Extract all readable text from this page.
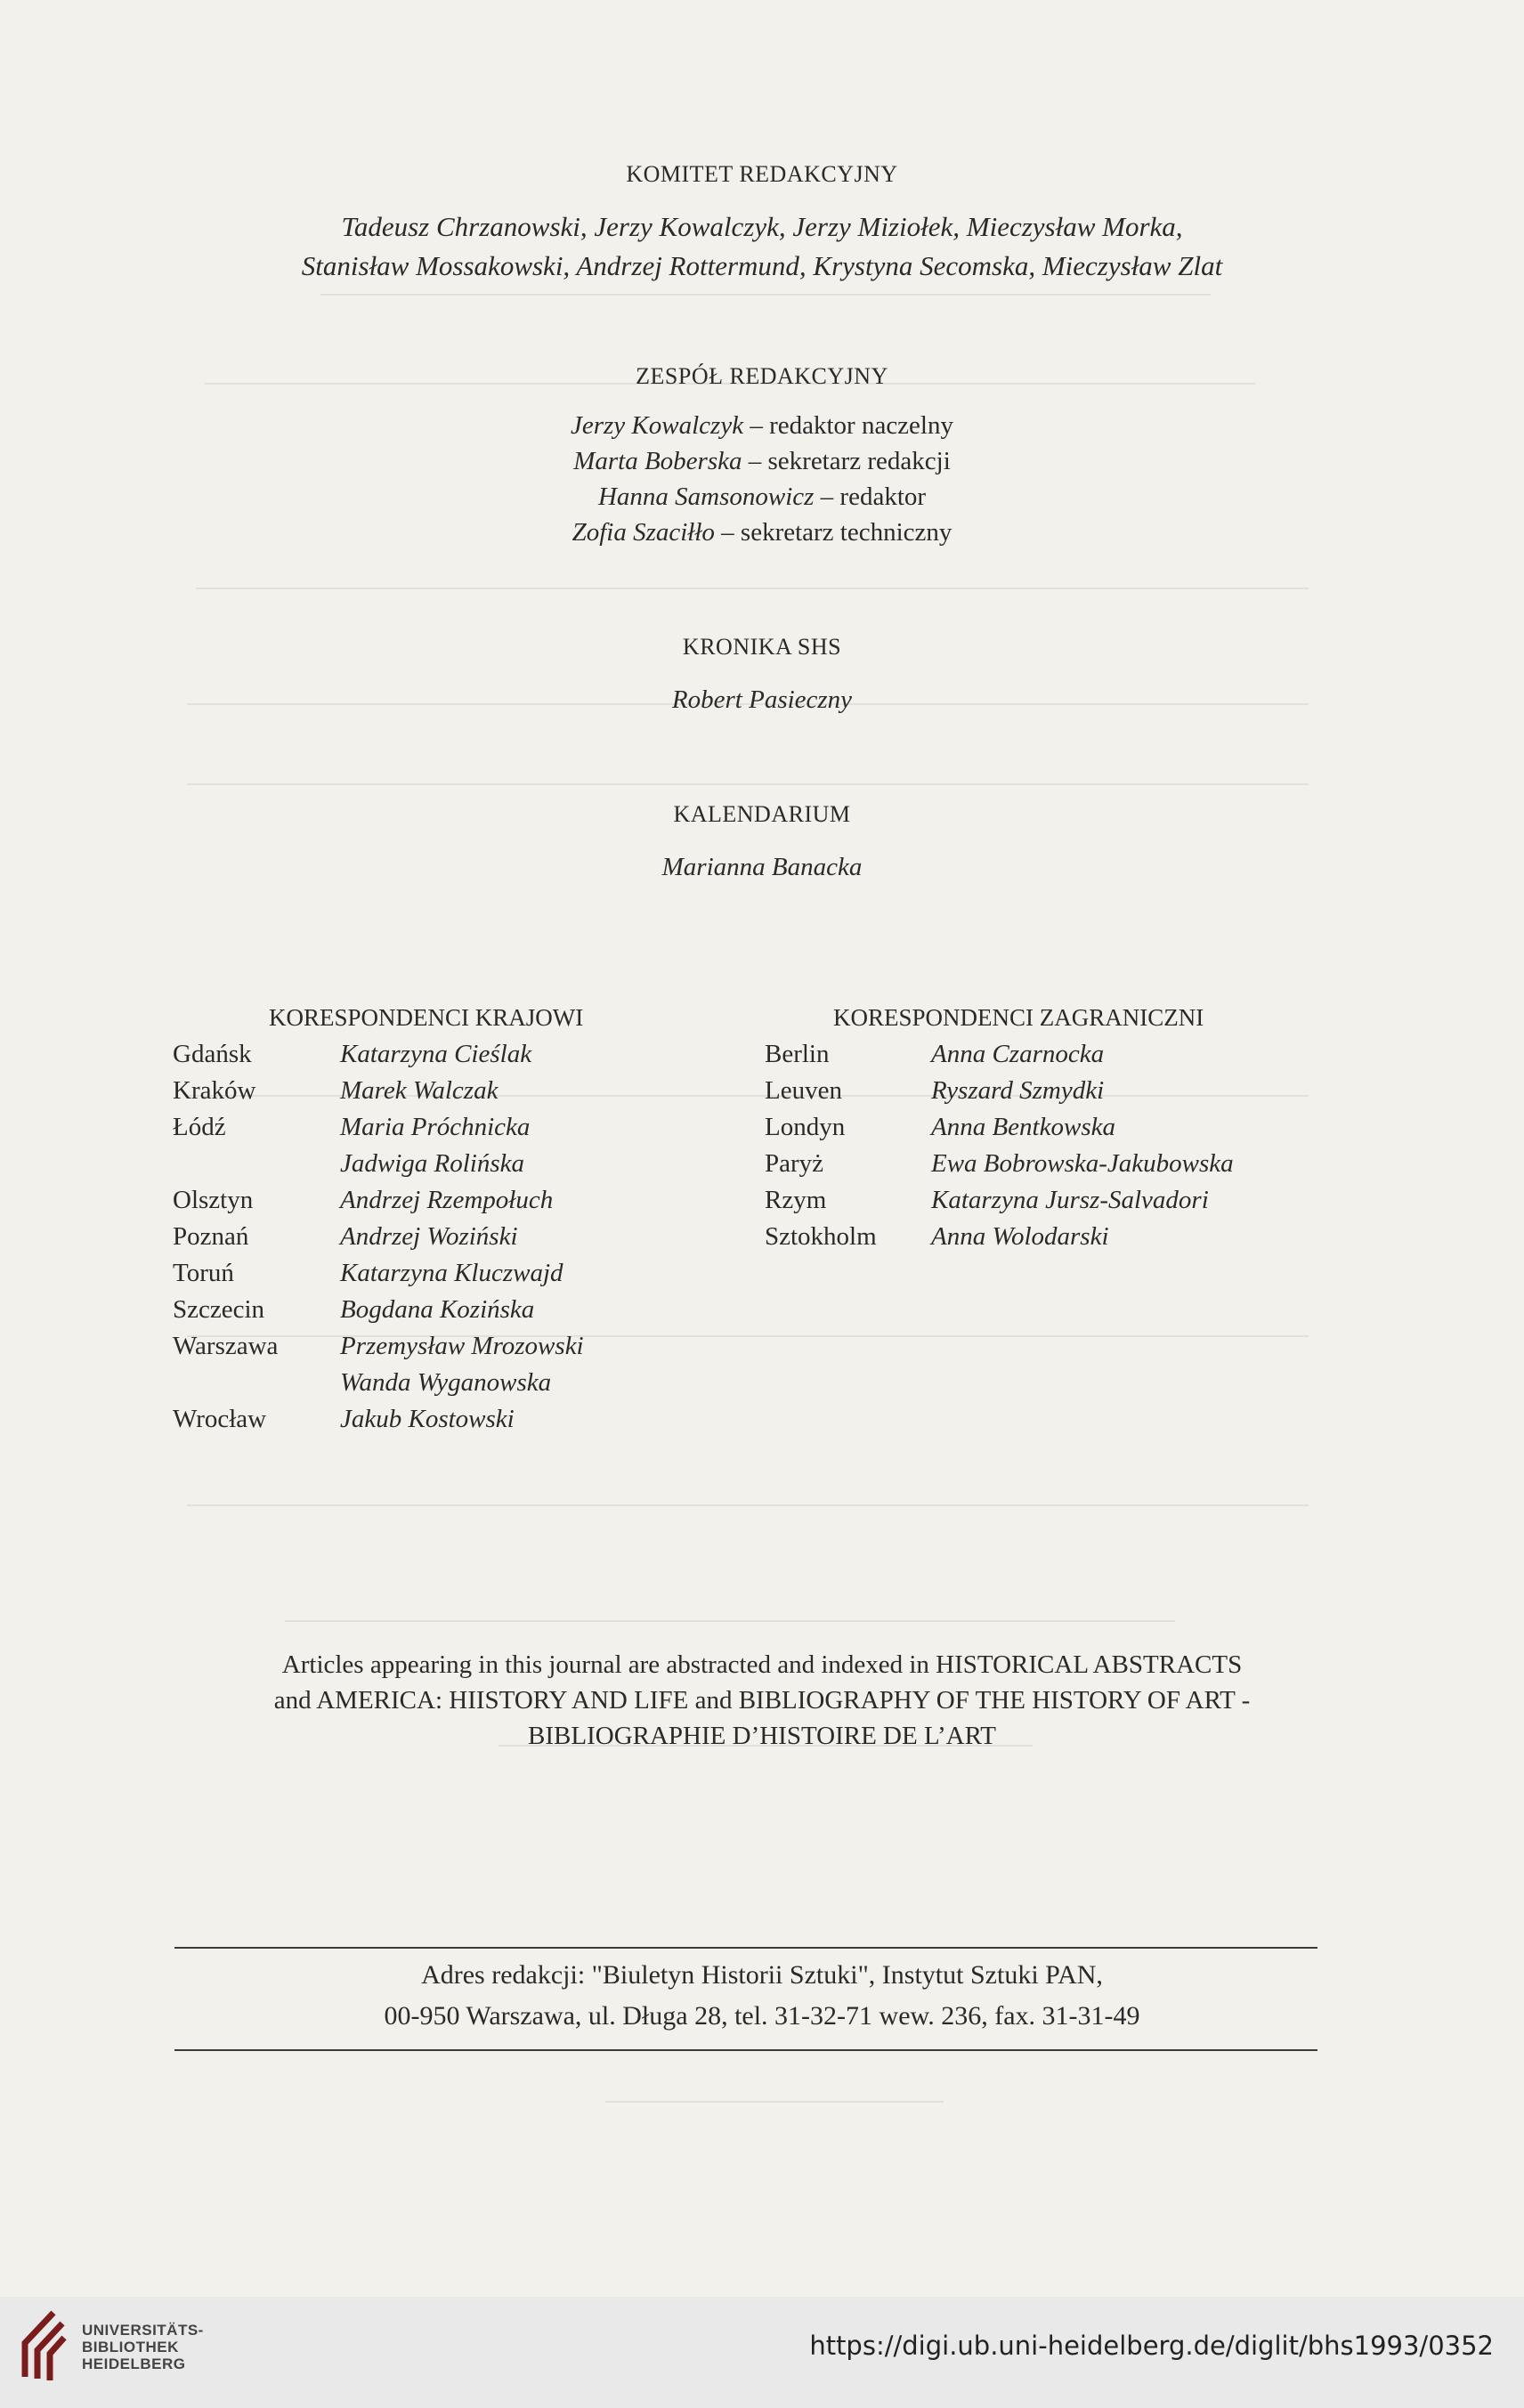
KOMITET REDAKCYJNY
Tadeusz Chrzanowski, Jerzy Kowalczyk, Jerzy Miziołek, Mieczysław Morka,
Stanisław Mossakowski, Andrzej Rottermund, Krystyna Secomska, Mieczysław Zlat
ZESPÓŁ REDAKCYJNY
Jerzy Kowalczyk – redaktor naczelny
Marta Boberska – sekretarz redakcji
Hanna Samsonowicz – redaktor
Zofia Szaciłło – sekretarz techniczny
KRONIKA SHS
Robert Pasieczny
KALENDARIUM
Marianna Banacka
KORESPONDENCI KRAJOWI	KORESPONDENCI ZAGRANICZNI
Gdańsk	Katarzyna Cieślak
Kraków	Marek Walczak
Łódź	Maria Próchnicka
Jadwiga Rolińska
Olsztyn	Andrzej Rzempołuch
Poznań	Andrzej Woziński
Toruń	Katarzyna Kluczwajd
Szczecin	Bogdana Kozińska
Warszawa Przemysław Mrozowski
Wanda Wyganowska
Wrocław	Jakub Kostowski
Berlin	Anna Czarnocka
Leuven	Ryszard Szmydki
Londyn	Anna Bentkowska
Paryż	Ewa Bobrowska-Jakubowska
Rzym	Katarzyna Jursz-Salvadori
Sztokholm Anna Wolodarski
Articles appearing in this journal are abstracted and indexed in HISTORICAL ABSTRACTS
and AMERICA: HIISTORY AND LIFE and BIBLIOGRAPHY OF THE HISTORY OF ART -
BIBLIOGRAPHIE D’HISTOIRE DE L’ART
Adres redakcji: "Biuletyn Historii Sztuki", Instytut Sztuki PAN,
00-950 Warszawa, ul. Długa 28, tel. 31-32-71 wew. 236, fax. 31-31-49
UNIVERSITÄTS-
BIBLIOTHEK
HEIDELBERG
https://digi.ub.uni-heidelberg.de/diglit/bhs1993/0352
